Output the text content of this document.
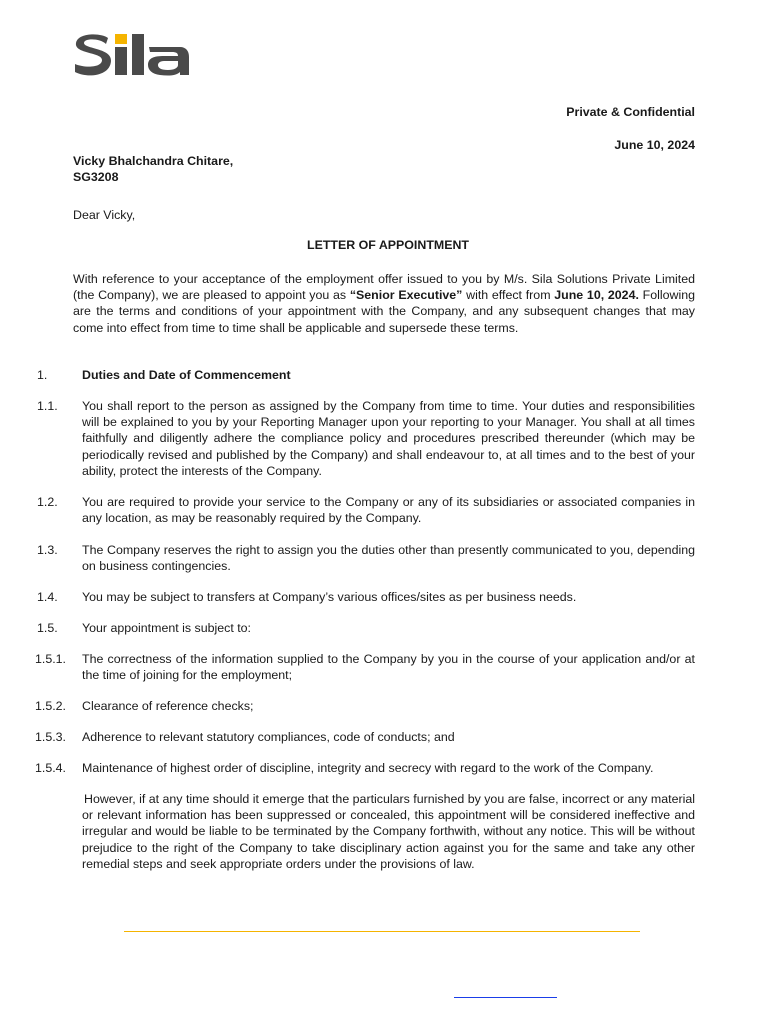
Private & Confidential
June 10, 2024
Vicky Bhalchandra Chitare,
SG3208
Dear Vicky,
LETTER OF APPOINTMENT
With reference to your acceptance of the employment offer issued to you by M/s. Sila Solutions Private Limited (the Company), we are pleased to appoint you as “Senior Executive” with effect from June 10, 2024. Following are the terms and conditions of your appointment with the Company, and any subsequent changes that may come into effect from time to time shall be applicable and supersede these terms.
1.	Duties and Date of Commencement
1.1.	You shall report to the person as assigned by the Company from time to time. Your duties and responsibilities will be explained to you by your Reporting Manager upon your reporting to your Manager. You shall at all times faithfully and diligently adhere the compliance policy and procedures prescribed thereunder (which may be periodically revised and published by the Company) and shall endeavour to, at all times and to the best of your ability, protect the interests of the Company.
1.2.	You are required to provide your service to the Company or any of its subsidiaries or associated companies in any location, as may be reasonably required by the Company.
1.3.	The Company reserves the right to assign you the duties other than presently communicated to you, depending on business contingencies.
1.4.	You may be subject to transfers at Company’s various offices/sites as per business needs.
1.5.	Your appointment is subject to:
1.5.1.	The correctness of the information supplied to the Company by you in the course of your application and/or at the time of joining for the employment;
1.5.2.	Clearance of reference checks;
1.5.3.	Adherence to relevant statutory compliances, code of conducts; and
1.5.4.	Maintenance of highest order of discipline, integrity and secrecy with regard to the work of the Company.
However, if at any time should it emerge that the particulars furnished by you are false, incorrect or any material or relevant information has been suppressed or concealed, this appointment will be considered ineffective and irregular and would be liable to be terminated by the Company forthwith, without any notice. This will be without prejudice to the right of the Company to take disciplinary action against you for the same and take any other remedial steps and seek appropriate orders under the provisions of law.
